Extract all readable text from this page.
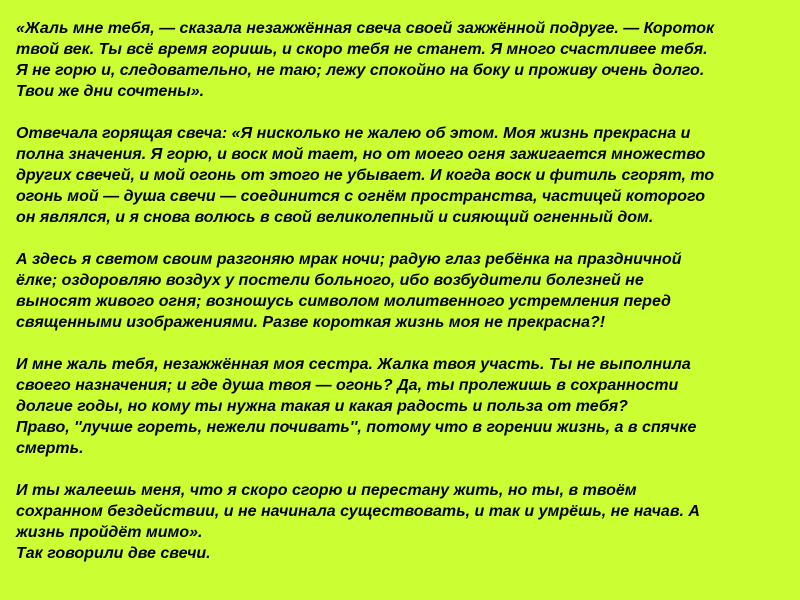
«Жаль мне тебя, — сказала незажжённая свеча своей зажжённой подруге. — Короток
твой век. Ты всё время горишь, и скоро тебя не станет. Я много счастливее тебя.
Я не горю и, следовательно, не таю; лежу спокойно на боку и проживу очень долго.
Твои же дни сочтены».

Отвечала горящая свеча: «Я нисколько не жалею об этом. Моя жизнь прекрасна и
полна значения. Я горю, и воск мой тает, но от моего огня зажигается множество
других свечей, и мой огонь от этого не убывает. И когда воск и фитиль сгорят, то
огонь мой — душа свечи — соединится с огнём пространства, частицей которого
он являлся, и я снова волюсь в свой великолепный и сияющий огненный дом.

А здесь я светом своим разгоняю мрак ночи; радую глаз ребёнка на праздничной
ёлке; оздоровляю воздух у постели больного, ибо возбудители болезней не
выносят живого огня; возношусь символом молитвенного устремления перед
священными изображениями. Разве короткая жизнь моя не прекрасна?!

И мне жаль тебя, незажжённая моя сестра. Жалка твоя участь. Ты не выполнила
своего назначения; и где душа твоя — огонь? Да, ты пролежишь в сохранности
долгие годы, но кому ты нужна такая и какая радость и польза от тебя?
Право, ''лучше гореть, нежели почивать'', потому что в горении жизнь, а в спячке
смерть.

И ты жалеешь меня, что я скоро сгорю и перестану жить, но ты, в твоём
сохранном бездействии, и не начинала существовать, и так и умрёшь, не начав. А
жизнь пройдёт мимо».
Так говорили две свечи.
